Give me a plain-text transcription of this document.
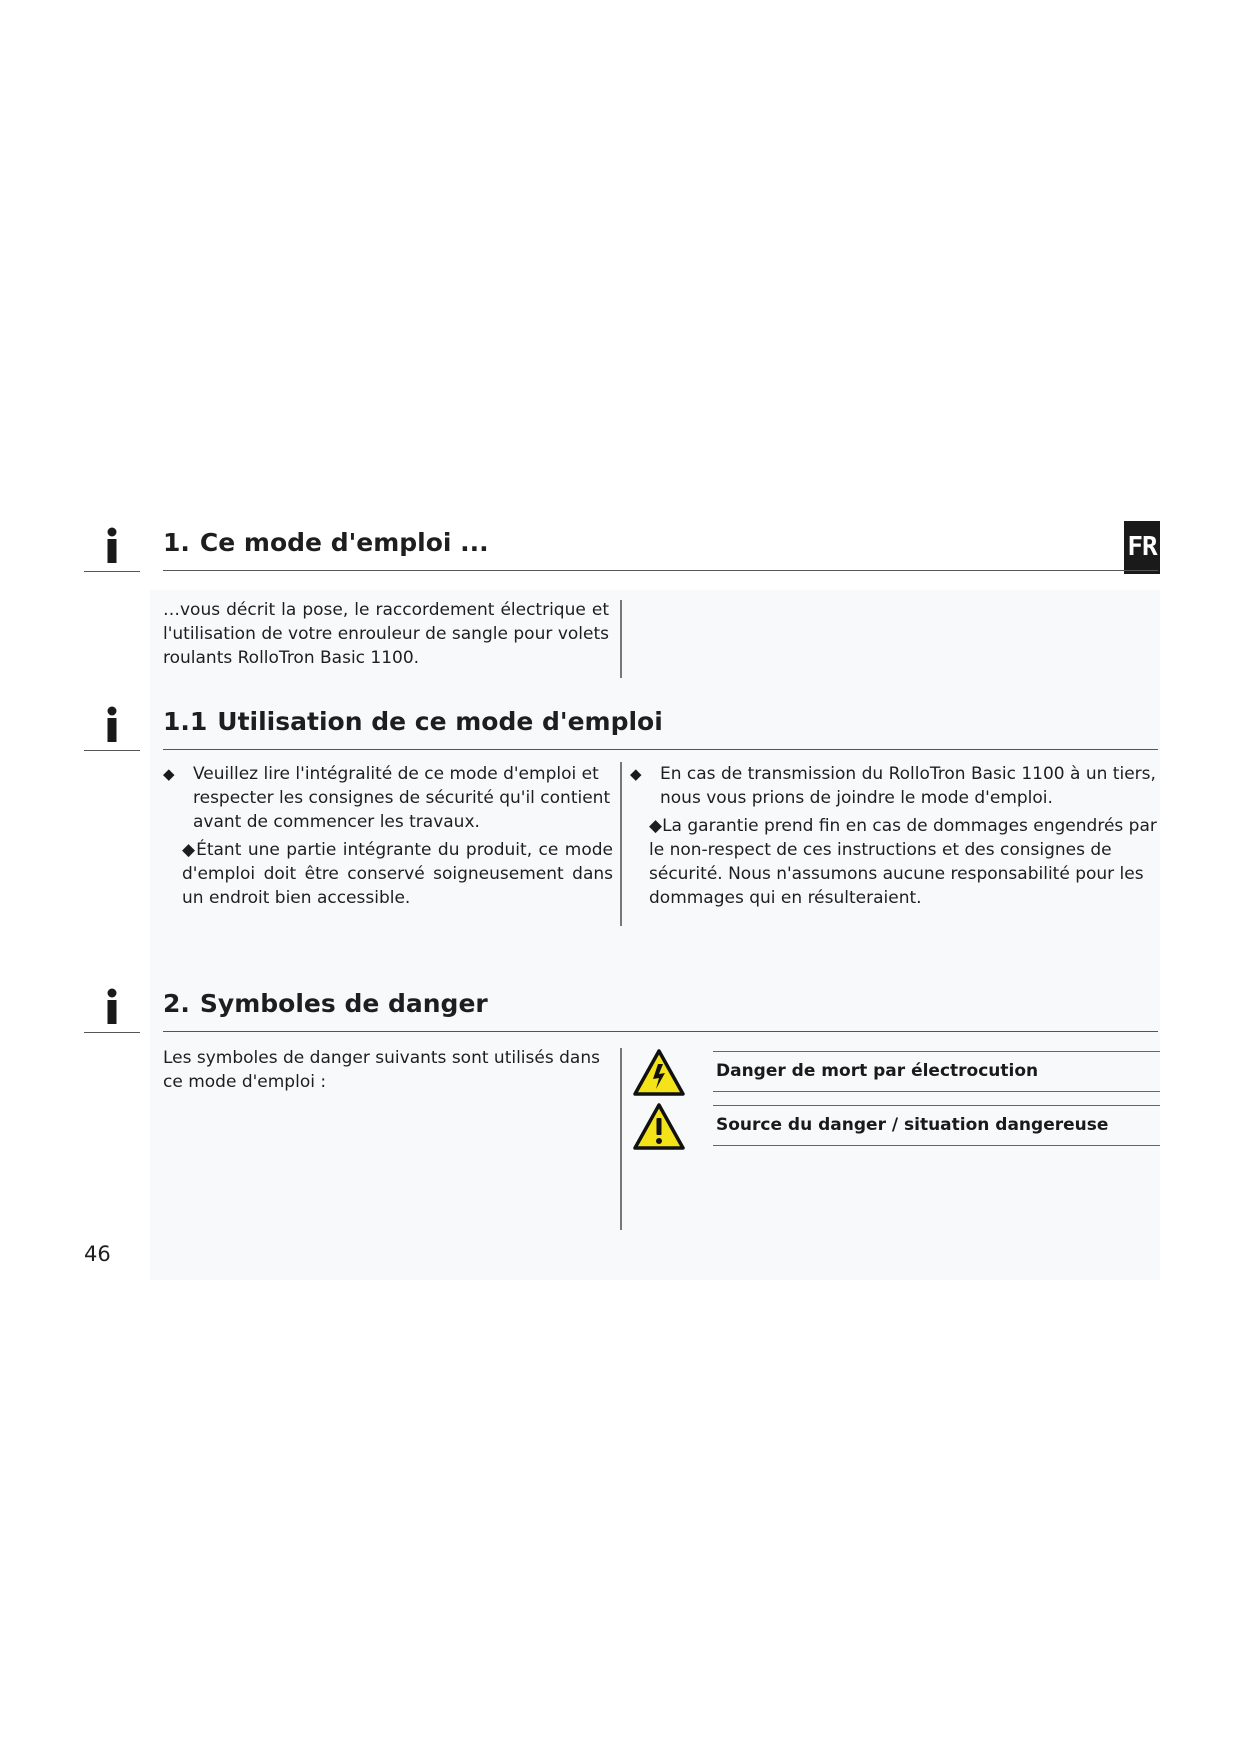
FR
1. Ce mode d'emploi ...
…vous décrit la pose, le raccordement électrique et l'utilisation de votre enrouleur de sangle pour volets roulants RolloTron Basic 1100.
1.1 Utilisation de ce mode d'emploi
◆ Veuillez lire l'intégralité de ce mode d'emploi et respecter les consignes de sécurité qu'il contient avant de commencer les travaux.
◆Étant une partie intégrante du produit, ce mode d'emploi doit être conservé soigneusement dans un endroit bien accessible.
◆ En cas de transmission du RolloTron Basic 1100 à un tiers, nous vous prions de joindre le mode d'emploi.
◆La garantie prend fin en cas de dommages engendrés par le non-respect de ces instructions et des consignes de sécurité. Nous n'assumons aucune responsabilité pour les dommages qui en résulteraient.
2. Symboles de danger
Les symboles de danger suivants sont utilisés dans ce mode d'emploi :
Danger de mort par électrocution
Source du danger / situation dangereuse
46
